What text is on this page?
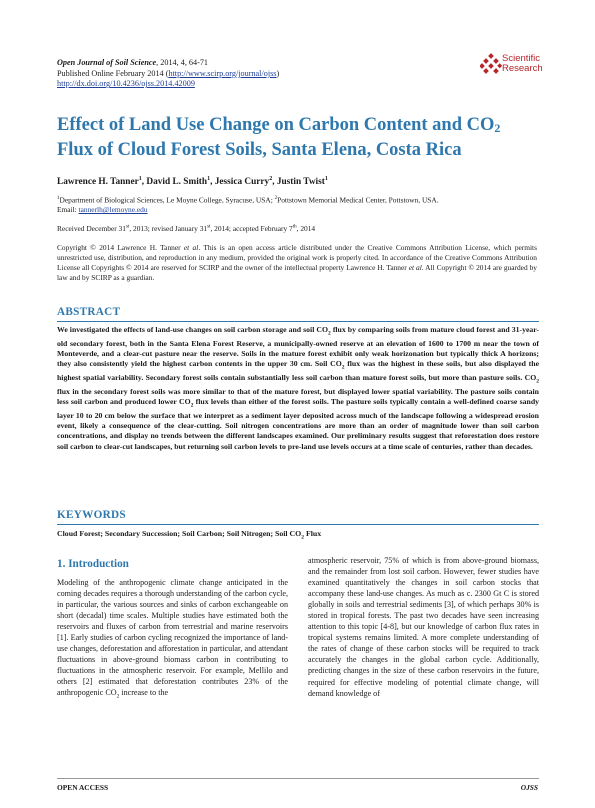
Open Journal of Soil Science, 2014, 4, 64-71
Published Online February 2014 (http://www.scirp.org/journal/ojss)
http://dx.doi.org/10.4236/ojss.2014.42009
Scientific
Research
Effect of Land Use Change on Carbon Content and $CO_2$
Flux of Cloud Forest Soils, Santa Elena, Costa Rica
Lawrence H. Tanner$^1$, David L. Smith$^1$, Jessica Curry$^2$, Justin Twist$^1$
$^1$Department of Biological Sciences, Le Moyne College, Syracuse, USA; $^2$Pottstown Memorial Medical Center, Pottstown, USA.
Email: tannerlh@lemoyne.edu
Received December 31st, 2013; revised January 31st, 2014; accepted February 7th, 2014
Copyright © 2014 Lawrence H. Tanner et al. This is an open access article distributed under the Creative Commons Attribution License, which permits unrestricted use, distribution, and reproduction in any medium, provided the original work is properly cited. In accordance of the Creative Commons Attribution License all Copyrights © 2014 are reserved for SCIRP and the owner of the intellectual property Lawrence H. Tanner et al. All Copyright © 2014 are guarded by law and by SCIRP as a guardian.
ABSTRACT
We investigated the effects of land-use changes on soil carbon storage and soil $CO_2$ flux by comparing soils from mature cloud forest and 31-year-old secondary forest, both in the Santa Elena Forest Reserve, a municipally-owned reserve at an elevation of 1600 to 1700 m near the town of Monteverde, and a clear-cut pasture near the reserve. Soils in the mature forest exhibit only weak horizonation but typically thick A horizons; they also consistently yield the highest carbon contents in the upper 30 cm. Soil $CO_2$ flux was the highest in these soils, but also displayed the highest spatial variability. Secondary forest soils contain substantially less soil carbon than mature forest soils, but more than pasture soils. $CO_2$ flux in the secondary forest soils was more similar to that of the mature forest, but displayed lower spatial variability. The pasture soils contain less soil carbon and produced lower $CO_2$ flux levels than either of the forest soils. The pasture soils typically contain a well-defined coarse sandy layer 10 to 20 cm below the surface that we interpret as a sediment layer deposited across much of the landscape following a widespread erosion event, likely a consequence of the clear-cutting. Soil nitrogen concentrations are more than an order of magnitude lower than soil carbon concentrations, and display no trends between the different landscapes examined. Our preliminary results suggest that reforestation does restore soil carbon to clear-cut landscapes, but returning soil carbon levels to pre-land use levels occurs at a time scale of centuries, rather than decades.
KEYWORDS
Cloud Forest; Secondary Succession; Soil Carbon; Soil Nitrogen; Soil $CO_2$ Flux
1. Introduction
Modeling of the anthropogenic climate change anticipated in the coming decades requires a thorough understanding of the carbon cycle, in particular, the various sources and sinks of carbon exchangeable on short (decadal) time scales. Multiple studies have estimated both the reservoirs and fluxes of carbon from terrestrial and marine reservoirs [1]. Early studies of carbon cycling recognized the importance of land-use changes, deforestation and afforestation in particular, and attendant fluctuations in above-ground biomass carbon in contributing to fluctuations in the atmospheric reservoir. For example, Mellilo and others [2] estimated that deforestation contributes 23% of the anthropogenic $CO_2$ increase to the
atmospheric reservoir, 75% of which is from above-ground biomass, and the remainder from lost soil carbon. However, fewer studies have examined quantitatively the changes in soil carbon stocks that accompany these land-use changes. As much as c. 2300 Gt C is stored globally in soils and terrestrial sediments [3], of which perhaps 30% is stored in tropical forests. The past two decades have seen increasing attention to this topic [4-8], but our knowledge of carbon flux rates in tropical systems remains limited. A more complete understanding of the rates of change of these carbon stocks will be required to track accurately the changes in the global carbon cycle. Additionally, predicting changes in the size of these carbon reservoirs in the future, required for effective modeling of potential climate change, will demand knowledge of
OPEN ACCESS	OJSS
